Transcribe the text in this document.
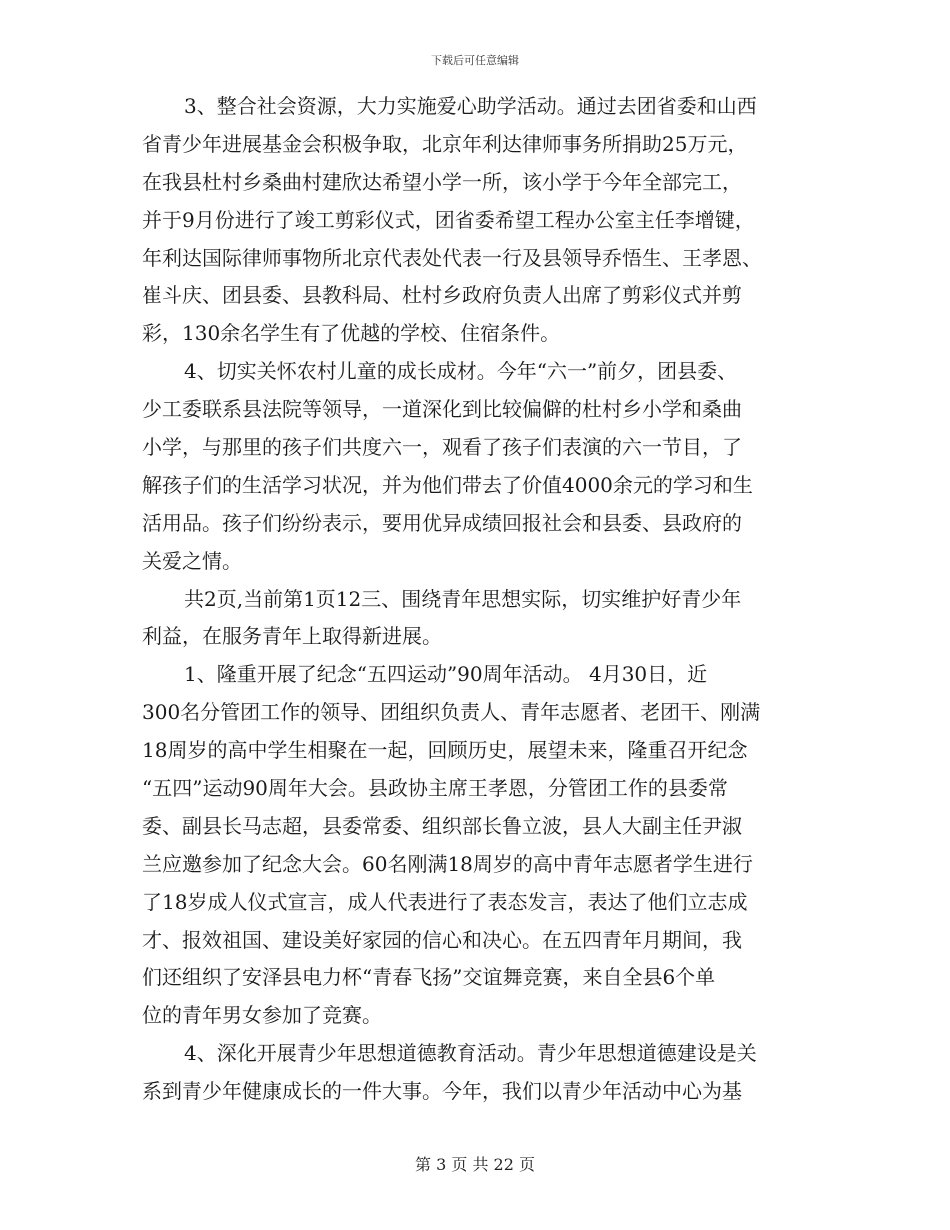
下载后可任意编辑
3、整合社会资源，大力实施爱心助学活动。通过去团省委和山西
省青少年进展基金会积极争取，北京年利达律师事务所捐助25万元，
在我县杜村乡桑曲村建欣达希望小学一所，该小学于今年全部完工，
并于9月份进行了竣工剪彩仪式，团省委希望工程办公室主任李增键，
年利达国际律师事物所北京代表处代表一行及县领导乔悟生、王孝恩、
崔斗庆、团县委、县教科局、杜村乡政府负责人出席了剪彩仪式并剪
彩，130余名学生有了优越的学校、住宿条件。
4、切实关怀农村儿童的成长成材。今年“六一”前夕，团县委、
少工委联系县法院等领导，一道深化到比较偏僻的杜村乡小学和桑曲
小学，与那里的孩子们共度六一，观看了孩子们表演的六一节目，了
解孩子们的生活学习状况，并为他们带去了价值4000余元的学习和生
活用品。孩子们纷纷表示，要用优异成绩回报社会和县委、县政府的
关爱之情。
共2页,当前第1页12三、围绕青年思想实际，切实维护好青少年
利益，在服务青年上取得新进展。
1、隆重开展了纪念“五四运动”90周年活动。 4月30日，近
300名分管团工作的领导、团组织负责人、青年志愿者、老团干、刚满
18周岁的高中学生相聚在一起，回顾历史，展望未来，隆重召开纪念
“五四”运动90周年大会。县政协主席王孝恩，分管团工作的县委常
委、副县长马志超，县委常委、组织部长鲁立波，县人大副主任尹淑
兰应邀参加了纪念大会。60名刚满18周岁的高中青年志愿者学生进行
了18岁成人仪式宣言，成人代表进行了表态发言，表达了他们立志成
才、报效祖国、建设美好家园的信心和决心。在五四青年月期间，我
们还组织了安泽县电力杯“青春飞扬”交谊舞竞赛，来自全县6个单
位的青年男女参加了竞赛。
4、深化开展青少年思想道德教育活动。青少年思想道德建设是关
系到青少年健康成长的一件大事。今年，我们以青少年活动中心为基
第 3 页 共 22 页
